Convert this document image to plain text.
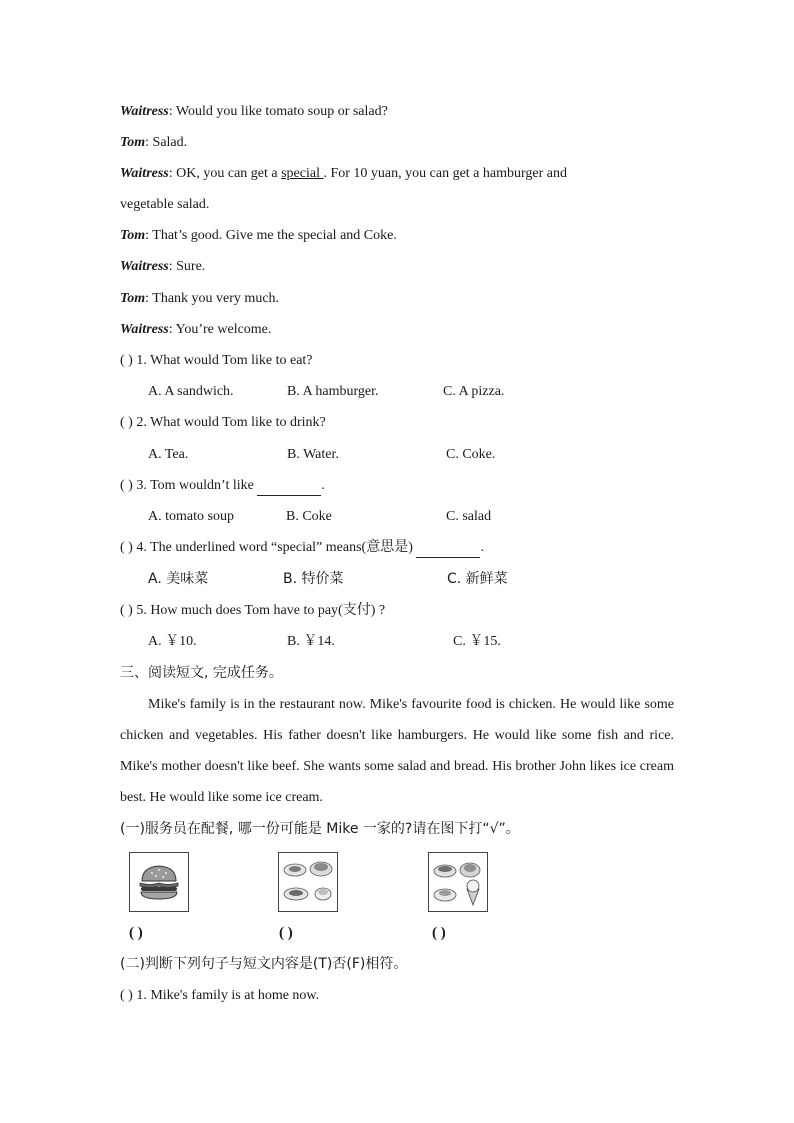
Waitress: Would you like tomato soup or salad?
Tom: Salad.
Waitress: OK, you can get a special . For 10 yuan, you can get a hamburger and
vegetable salad.
Tom: That’s good. Give me the special and Coke.
Waitress: Sure.
Tom: Thank you very much.
Waitress: You’re welcome.
( ) 1. What would Tom like to eat?
A. A sandwich.	B. A hamburger.	C. A pizza.
( ) 2. What would Tom like to drink?
A. Tea.	B. Water.	C. Coke.
( ) 3. Tom wouldn’t like	.
A. tomato soup	B. Coke	C. salad
( ) 4. The underlined word “special” means(意思是)	.
A. 美味菜	B. 特价菜	C. 新鲜菜
( ) 5. How much does Tom have to pay(支付) ?
A. ￥10.	B. ￥14.	C. ￥15.
三、阅读短文, 完成任务。
Mike's family is in the restaurant now. Mike's favourite food is chicken. He would like some chicken and vegetables. His father doesn't like hamburgers. He would like some fish and rice. Mike's mother doesn't like beef. She wants some salad and bread. His brother John likes ice cream best. He would like some ice cream.
(一)服务员在配餐, 哪一份可能是 Mike 一家的?请在图下打“√”。
( )	( )	( )
(二)判断下列句子与短文内容是(T)否(F)相符。
( ) 1. Mike's family is at home now.
